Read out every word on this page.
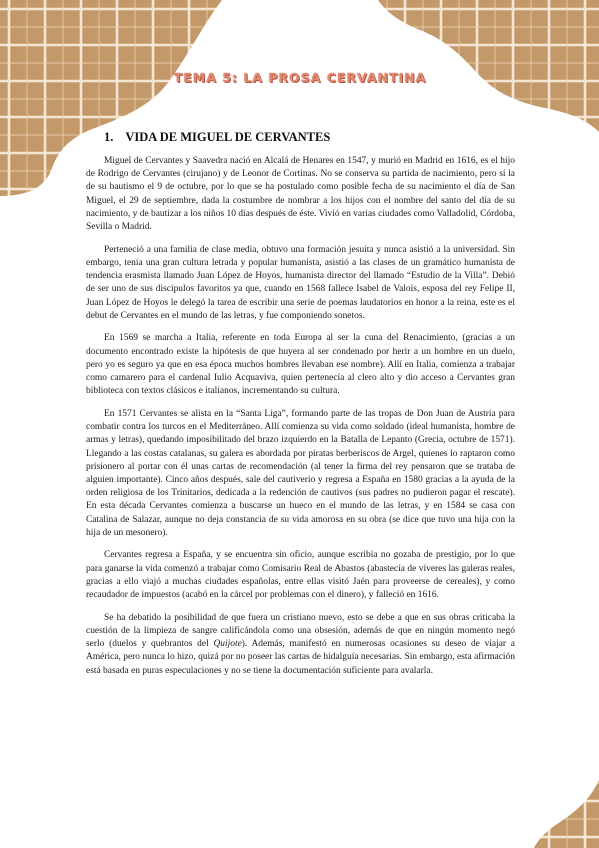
TEMA 5: LA PROSA CERVANTINA
1. VIDA DE MIGUEL DE CERVANTES

Miguel de Cervantes y Saavedra nació en Alcalá de Henares en 1547, y murió en Madrid en 1616, es el hijo de Rodrigo de Cervantes (cirujano) y de Leonor de Cortinas. No se conserva su partida de nacimiento, pero sí la de su bautismo el 9 de octubre, por lo que se ha postulado como posible fecha de su nacimiento el día de San Miguel, el 29 de septiembre, dada la costumbre de nombrar a los hijos con el nombre del santo del día de su nacimiento, y de bautizar a los niños 10 días después de éste. Vivió en varias ciudades como Valladolid, Córdoba, Sevilla o Madrid.

Perteneció a una familia de clase media, obtuvo una formación jesuita y nunca asistió a la universidad. Sin embargo, tenía una gran cultura letrada y popular humanista, asistió a las clases de un gramático humanista de tendencia erasmista llamado Juan López de Hoyos, humanista director del llamado “Estudio de la Villa”. Debió de ser uno de sus discípulos favoritos ya que, cuando en 1568 fallece Isabel de Valois, esposa del rey Felipe II, Juan López de Hoyos le delegó la tarea de escribir una serie de poemas laudatorios en honor a la reina, este es el debut de Cervantes en el mundo de las letras, y fue componiendo sonetos.

En 1569 se marcha a Italia, referente en toda Europa al ser la cuna del Renacimiento, (gracias a un documento encontrado existe la hipótesis de que huyera al ser condenado por herir a un hombre en un duelo, pero yo es seguro ya que en esa época muchos hombres llevaban ese nombre). Allí en Italia, comienza a trabajar como camarero para el cardenal Iulio Acquaviva, quien pertenecía al clero alto y dio acceso a Cervantes gran biblioteca con textos clásicos e italianos, incrementando su cultura.

En 1571 Cervantes se alista en la “Santa Liga”, formando parte de las tropas de Don Juan de Austria para combatir contra los turcos en el Mediterráneo. Allí comienza su vida como soldado (ideal humanista, hombre de armas y letras), quedando imposibilitado del brazo izquierdo en la Batalla de Lepanto (Grecia, octubre de 1571). Llegando a las costas catalanas, su galera es abordada por piratas berberiscos de Argel, quienes lo raptaron como prisionero al portar con él unas cartas de recomendación (al tener la firma del rey pensaron que se trataba de alguien importante). Cinco años después, sale del cautiverio y regresa a España en 1580 gracias a la ayuda de la orden religiosa de los Trinitarios, dedicada a la redención de cautivos (sus padres no pudieron pagar el rescate). En esta década Cervantes comienza a buscarse un hueco en el mundo de las letras, y en 1584 se casa con Catalina de Salazar, aunque no deja constancia de su vida amorosa en su obra (se dice que tuvo una hija con la hija de un mesonero).

Cervantes regresa a España, y se encuentra sin oficio, aunque escribía no gozaba de prestigio, por lo que para ganarse la vida comenzó a trabajar como Comisario Real de Abastos (abastecía de víveres las galeras reales, gracias a ello viajó a muchas ciudades españolas, entre ellas visitó Jaén para proveerse de cereales), y como recaudador de impuestos (acabó en la cárcel por problemas con el dinero), y falleció en 1616.

Se ha debatido la posibilidad de que fuera un cristiano nuevo, esto se debe a que en sus obras criticaba la cuestión de la limpieza de sangre calificándola como una obsesión, además de que en ningún momento negó serlo (duelos y quebrantos del Quijote). Además, manifestó en numerosas ocasiones su deseo de viajar a América, pero nunca lo hizo, quizá por no poseer las cartas de hidalguía necesarias. Sin embargo, esta afirmación está basada en puras especulaciones y no se tiene la documentación suficiente para avalarla.
